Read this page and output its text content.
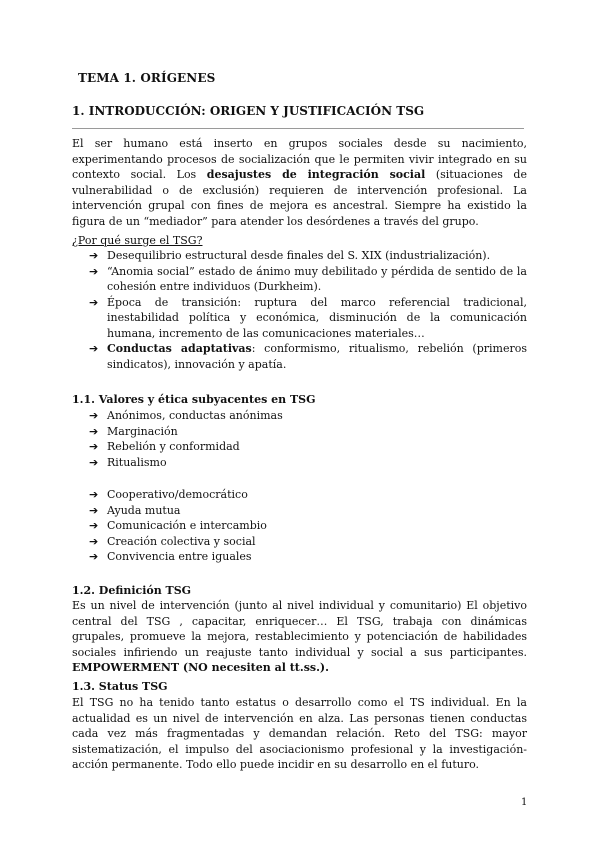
TEMA 1. ORÍGENES
1. INTRODUCCIÓN: ORIGEN Y JUSTIFICACIÓN TSG

El ser humano está inserto en grupos sociales desde su nacimiento, experimentando procesos de socialización que le permiten vivir integrado en su contexto social. Los desajustes de integración social (situaciones de vulnerabilidad o de exclusión) requieren de intervención profesional. La intervención grupal con fines de mejora es ancestral. Siempre ha existido la figura de un “mediador” para atender los desórdenes a través del grupo.

¿Por qué surge el TSG?
➔ Desequilibrio estructural desde finales del S. XIX (industrialización).
➔ “Anomia social” estado de ánimo muy debilitado y pérdida de sentido de la cohesión entre individuos (Durkheim).
➔ Época de transición: ruptura del marco referencial tradicional, inestabilidad política y económica, disminución de la comunicación humana, incremento de las comunicaciones materiales…
➔ Conductas adaptativas: conformismo, ritualismo, rebelión (primeros sindicatos), innovación y apatía.
1.1. Valores y ética subyacentes en TSG
➔ Anónimos, conductas anónimas
➔ Marginación
➔ Rebelión y conformidad
➔ Ritualismo
➔ Cooperativo/democrático
➔ Ayuda mutua
➔ Comunicación e intercambio
➔ Creación colectiva y social
➔ Convivencia entre iguales
1.2. Definición TSG

Es un nivel de intervención (junto al nivel individual y comunitario) El objetivo central del TSG , capacitar, enriquecer… El TSG, trabaja con dinámicas grupales, promueve la mejora, restablecimiento y potenciación de habilidades sociales infiriendo un reajuste tanto individual y social a sus participantes. EMPOWERMENT (NO necesiten al tt.ss.).

1.3. Status TSG

El TSG no ha tenido tanto estatus o desarrollo como el TS individual. En la actualidad es un nivel de intervención en alza. Las personas tienen conductas cada vez más fragmentadas y demandan relación. Reto del TSG: mayor sistematización, el impulso del asociacionismo profesional y la investigación-acción permanente. Todo ello puede incidir en su desarrollo en el futuro.

1
